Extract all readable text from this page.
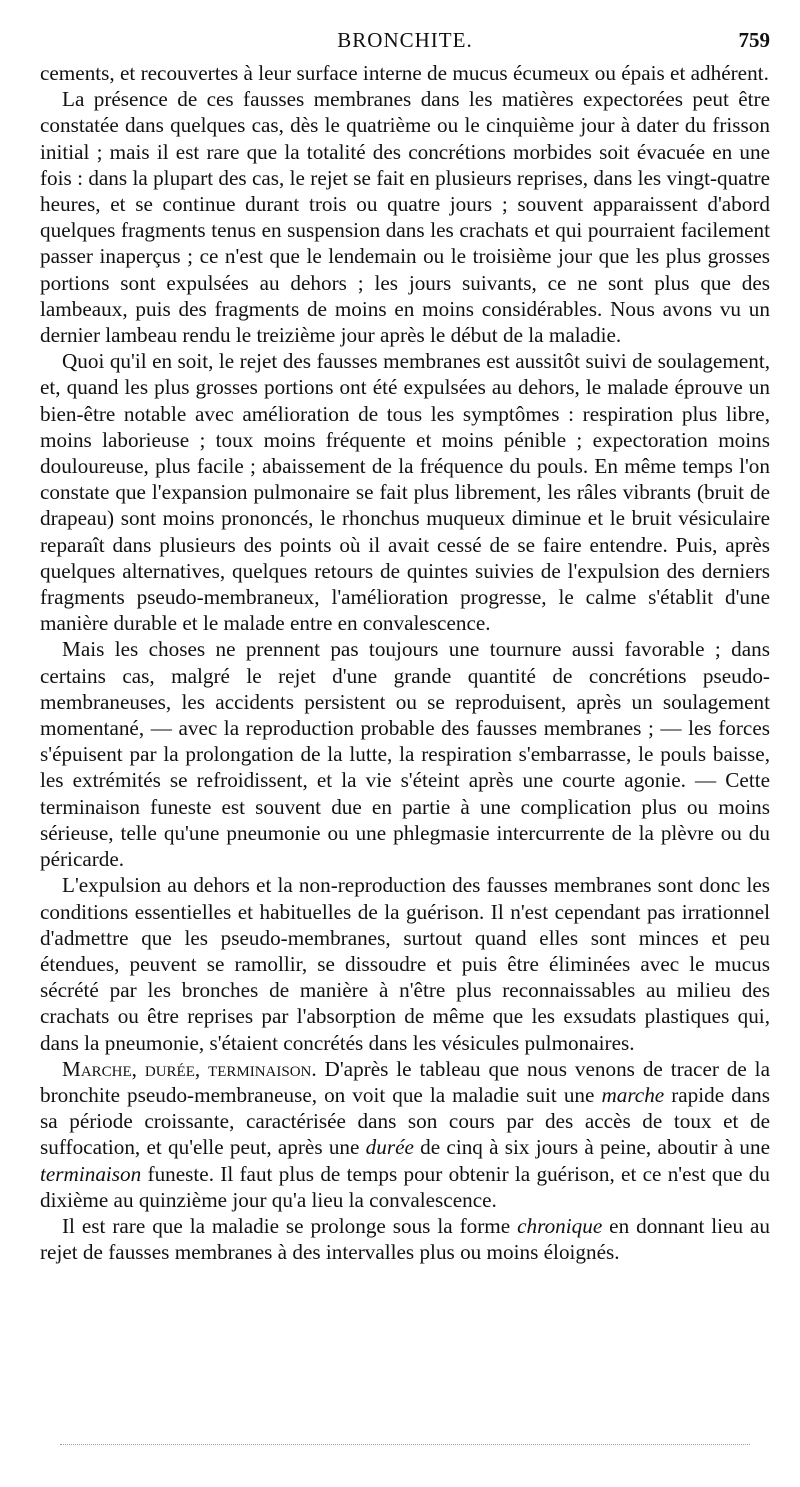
BRONCHITE.	759

cements, et recouvertes à leur surface interne de mucus écumeux ou épais et adhérent.

La présence de ces fausses membranes dans les matières expectorées peut être constatée dans quelques cas, dès le quatrième ou le cinquième jour à dater du frisson initial ; mais il est rare que la totalité des concrétions morbides soit évacuée en une fois : dans la plupart des cas, le rejet se fait en plusieurs reprises, dans les vingt-quatre heures, et se continue durant trois ou quatre jours ; souvent apparaissent d'abord quelques fragments tenus en suspension dans les crachats et qui pourraient facilement passer inaperçus ; ce n'est que le lendemain ou le troisième jour que les plus grosses portions sont expulsées au dehors ; les jours suivants, ce ne sont plus que des lambeaux, puis des fragments de moins en moins considérables. Nous avons vu un dernier lambeau rendu le treizième jour après le début de la maladie.

Quoi qu'il en soit, le rejet des fausses membranes est aussitôt suivi de soulagement, et, quand les plus grosses portions ont été expulsées au dehors, le malade éprouve un bien-être notable avec amélioration de tous les symptômes : respiration plus libre, moins laborieuse ; toux moins fréquente et moins pénible ; expectoration moins douloureuse, plus facile ; abaissement de la fréquence du pouls. En même temps l'on constate que l'expansion pulmonaire se fait plus librement, les râles vibrants (bruit de drapeau) sont moins prononcés, le rhonchus muqueux diminue et le bruit vésiculaire reparaît dans plusieurs des points où il avait cessé de se faire entendre. Puis, après quelques alternatives, quelques retours de quintes suivies de l'expulsion des derniers fragments pseudo-membraneux, l'amélioration progresse, le calme s'établit d'une manière durable et le malade entre en convalescence.

Mais les choses ne prennent pas toujours une tournure aussi favorable ; dans certains cas, malgré le rejet d'une grande quantité de concrétions pseudo-membraneuses, les accidents persistent ou se reproduisent, après un soulagement momentané, — avec la reproduction probable des fausses membranes ; — les forces s'épuisent par la prolongation de la lutte, la respiration s'embarrasse, le pouls baisse, les extrémités se refroidissent, et la vie s'éteint après une courte agonie. — Cette terminaison funeste est souvent due en partie à une complication plus ou moins sérieuse, telle qu'une pneumonie ou une phlegmasie intercurrente de la plèvre ou du péricarde.

L'expulsion au dehors et la non-reproduction des fausses membranes sont donc les conditions essentielles et habituelles de la guérison. Il n'est cependant pas irrationnel d'admettre que les pseudo-membranes, surtout quand elles sont minces et peu étendues, peuvent se ramollir, se dissoudre et puis être éliminées avec le mucus sécrété par les bronches de manière à n'être plus reconnaissables au milieu des crachats ou être reprises par l'absorption de même que les exsudats plastiques qui, dans la pneumonie, s'étaient concrétés dans les vésicules pulmonaires.

Marche, durée, terminaison. D'après le tableau que nous venons de tracer de la bronchite pseudo-membraneuse, on voit que la maladie suit une marche rapide dans sa période croissante, caractérisée dans son cours par des accès de toux et de suffocation, et qu'elle peut, après une durée de cinq à six jours à peine, aboutir à une terminaison funeste. Il faut plus de temps pour obtenir la guérison, et ce n'est que du dixième au quinzième jour qu'a lieu la convalescence.

Il est rare que la maladie se prolonge sous la forme chronique en donnant lieu au rejet de fausses membranes à des intervalles plus ou moins éloignés.
